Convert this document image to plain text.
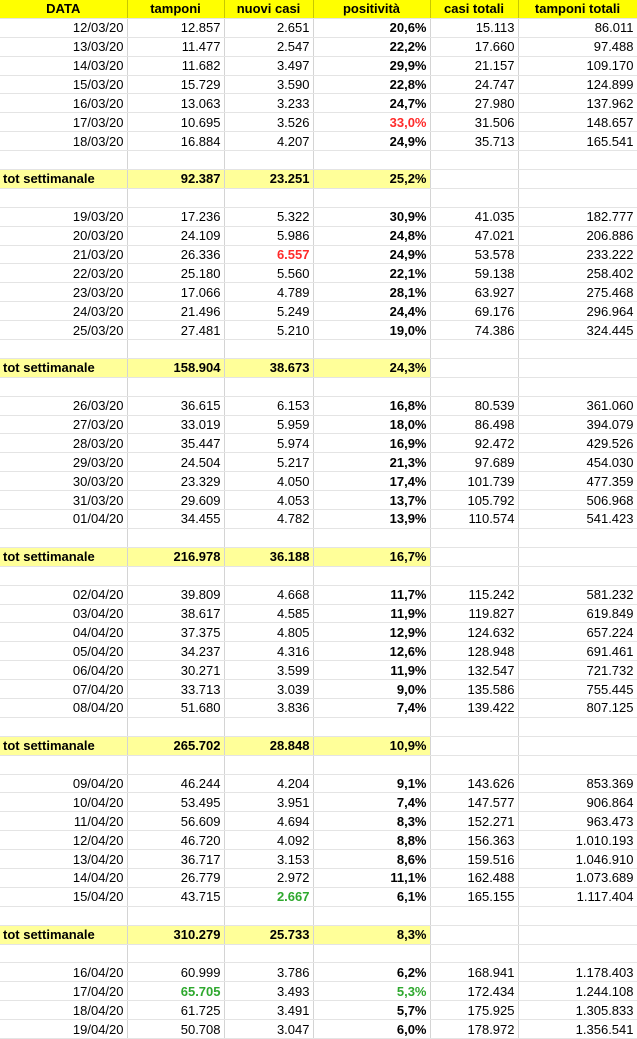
DATA	tamponi	nuovi casi	positività	casi totali	tamponi totali
12/03/20	12.857	2.651	20,6%	15.113	86.011
13/03/20	11.477	2.547	22,2%	17.660	97.488
14/03/20	11.682	3.497	29,9%	21.157	109.170
15/03/20	15.729	3.590	22,8%	24.747	124.899
16/03/20	13.063	3.233	24,7%	27.980	137.962
17/03/20	10.695	3.526	33,0%	31.506	148.657
18/03/20	16.884	4.207	24,9%	35.713	165.541

tot settimanale	92.387	23.251	25,2%		

19/03/20	17.236	5.322	30,9%	41.035	182.777
20/03/20	24.109	5.986	24,8%	47.021	206.886
21/03/20	26.336	6.557	24,9%	53.578	233.222
22/03/20	25.180	5.560	22,1%	59.138	258.402
23/03/20	17.066	4.789	28,1%	63.927	275.468
24/03/20	21.496	5.249	24,4%	69.176	296.964
25/03/20	27.481	5.210	19,0%	74.386	324.445

tot settimanale	158.904	38.673	24,3%		

26/03/20	36.615	6.153	16,8%	80.539	361.060
27/03/20	33.019	5.959	18,0%	86.498	394.079
28/03/20	35.447	5.974	16,9%	92.472	429.526
29/03/20	24.504	5.217	21,3%	97.689	454.030
30/03/20	23.329	4.050	17,4%	101.739	477.359
31/03/20	29.609	4.053	13,7%	105.792	506.968
01/04/20	34.455	4.782	13,9%	110.574	541.423

tot settimanale	216.978	36.188	16,7%		

02/04/20	39.809	4.668	11,7%	115.242	581.232
03/04/20	38.617	4.585	11,9%	119.827	619.849
04/04/20	37.375	4.805	12,9%	124.632	657.224
05/04/20	34.237	4.316	12,6%	128.948	691.461
06/04/20	30.271	3.599	11,9%	132.547	721.732
07/04/20	33.713	3.039	9,0%	135.586	755.445
08/04/20	51.680	3.836	7,4%	139.422	807.125

tot settimanale	265.702	28.848	10,9%		

09/04/20	46.244	4.204	9,1%	143.626	853.369
10/04/20	53.495	3.951	7,4%	147.577	906.864
11/04/20	56.609	4.694	8,3%	152.271	963.473
12/04/20	46.720	4.092	8,8%	156.363	1.010.193
13/04/20	36.717	3.153	8,6%	159.516	1.046.910
14/04/20	26.779	2.972	11,1%	162.488	1.073.689
15/04/20	43.715	2.667	6,1%	165.155	1.117.404

tot settimanale	310.279	25.733	8,3%		

16/04/20	60.999	3.786	6,2%	168.941	1.178.403
17/04/20	65.705	3.493	5,3%	172.434	1.244.108
18/04/20	61.725	3.491	5,7%	175.925	1.305.833
19/04/20	50.708	3.047	6,0%	178.972	1.356.541
